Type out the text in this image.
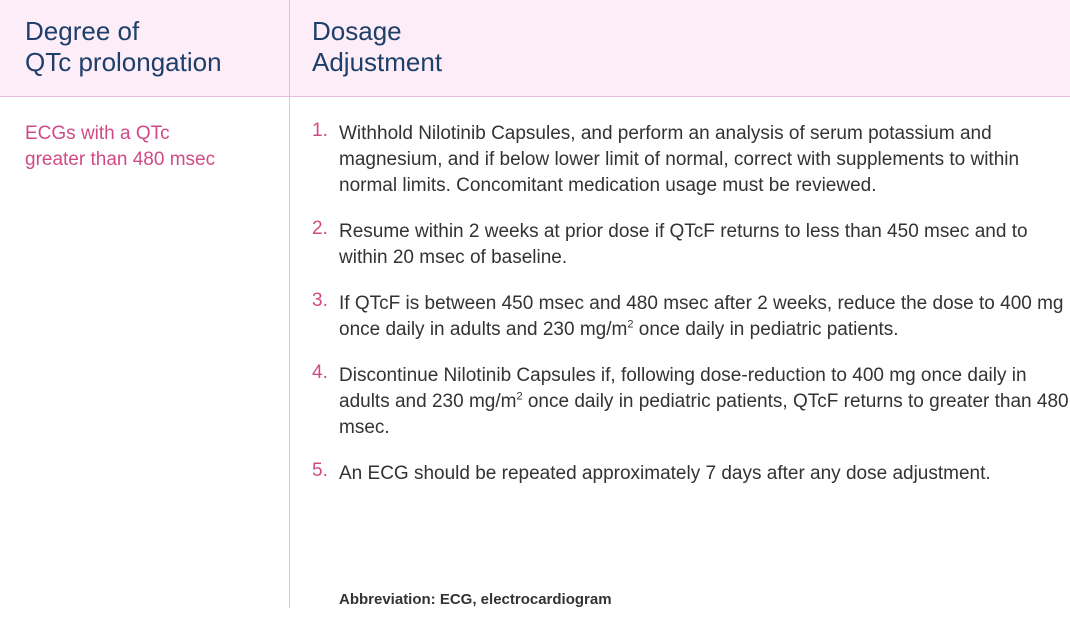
Degree of
QTc prolongation
Dosage
Adjustment
ECGs with a QTc
greater than 480 msec
1. Withhold Nilotinib Capsules, and perform an analysis of serum potassium and magnesium, and if below lower limit of normal, correct with supplements to within normal limits. Concomitant medication usage must be reviewed.
2. Resume within 2 weeks at prior dose if QTcF returns to less than 450 msec and to within 20 msec of baseline.
3. If QTcF is between 450 msec and 480 msec after 2 weeks, reduce the dose to 400 mg once daily in adults and 230 $mg/m^2$ once daily in pediatric patients.
4. Discontinue Nilotinib Capsules if, following dose-reduction to 400 mg once daily in adults and 230 $mg/m^2$ once daily in pediatric patients, QTcF returns to greater than 480 msec.
5. An ECG should be repeated approximately 7 days after any dose adjustment.
Abbreviation: ECG, electrocardiogram
